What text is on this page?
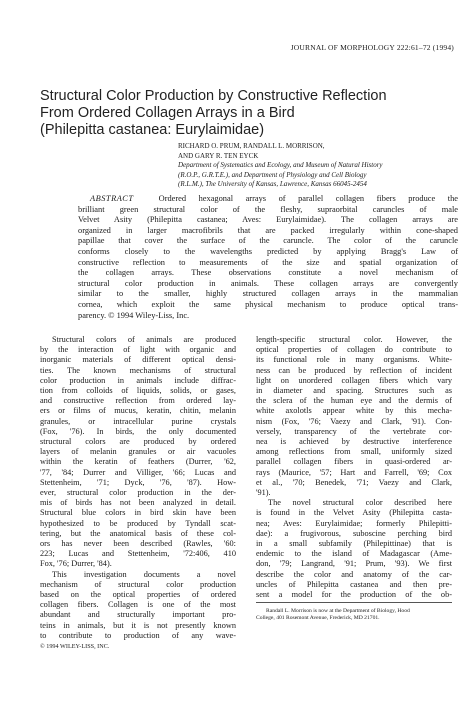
JOURNAL OF MORPHOLOGY 222:61–72 (1994)
Structural Color Production by Constructive Reflection
From Ordered Collagen Arrays in a Bird
(Philepitta castanea: Eurylaimidae)
RICHARD O. PRUM, RANDALL L. MORRISON,
AND GARY R. TEN EYCK
Department of Systematics and Ecology, and Museum of Natural History
(R.O.P., G.R.T.E.), and Department of Physiology and Cell Biology
(R.L.M.), The University of Kansas, Lawrence, Kansas 66045-2454
ABSTRACT	Ordered hexagonal arrays of parallel collagen fibers produce the
brilliant green structural color of the fleshy, supraorbital caruncles of male
Velvet Asity (Philepitta castanea; Aves: Eurylaimidae). The collagen arrays are
organized in larger macrofibrils that are packed irregularly within cone-shaped
papillae that cover the surface of the caruncle. The color of the caruncle
conforms closely to the wavelengths predicted by applying Bragg's Law of
constructive reflection to measurements of the size and spatial organization of
the collagen arrays. These observations constitute a novel mechanism of
structural color production in animals. These collagen arrays are convergently
similar to the smaller, highly structured collagen arrays in the mammalian
cornea, which exploit the same physical mechanism to produce optical trans-
parency. © 1994 Wiley-Liss, Inc.
Structural colors of animals are produced
by the interaction of light with organic and
inorganic materials of different optical densi-
ties. The known mechanisms of structural
color production in animals include diffrac-
tion from colloids of liquids, solids, or gases,
and constructive reflection from ordered lay-
ers or films of mucus, keratin, chitin, melanin
granules, or intracellular purine crystals
(Fox, '76). In birds, the only documented
structural colors are produced by ordered
layers of melanin granules or air vacuoles
within the keratin of feathers (Durrer, '62,
'77, '84; Durrer and Villiger, '66; Lucas and
Stettenheim, '71; Dyck, '76, '87). How-
ever, structural color production in the der-
mis of birds has not been analyzed in detail.
Structural blue colors in bird skin have been
hypothesized to be produced by Tyndall scat-
tering, but the anatomical basis of these col-
ors has never been described (Rawles, '60:
223; Lucas and Stettenheim, '72:406, 410
Fox, '76; Durrer, '84).
This investigation documents a novel
mechanism of structural color production
based on the optical properties of ordered
collagen fibers. Collagen is one of the most
abundant and structurally important pro-
teins in animals, but it is not presently known
to contribute to production of any wave-
length-specific structural color. However, the
optical properties of collagen do contribute to
its functional role in many organisms. White-
ness can be produced by reflection of incident
light on unordered collagen fibers which vary
in diameter and spacing. Structures such as
the sclera of the human eye and the dermis of
white axolotls appear white by this mecha-
nism (Fox, '76; Vaezy and Clark, '91). Con-
versely, transparency of the vertebrate cor-
nea is achieved by destructive interference
among reflections from small, uniformly sized
parallel collagen fibers in quasi-ordered ar-
rays (Maurice, '57; Hart and Farrell, '69; Cox
et al., '70; Benedek, '71; Vaezy and Clark,
'91).
The novel structural color described here
is found in the Velvet Asity (Philepitta casta-
nea; Aves: Eurylaimidae; formerly Philepitti-
dae): a frugivorous, suboscine perching bird
in a small subfamily (Philepittinae) that is
endemic to the island of Madagascar (Ame-
don, '79; Langrand, '91; Prum, '93). We first
describe the color and anatomy of the car-
uncles of Philepitta castanea and then pre-
sent a model for the production of the ob-
Randall L. Morrison is now at the Department of Biology, Hood
College, 401 Rosemont Avenue, Frederick, MD 21701.
© 1994 WILEY-LISS, INC.
